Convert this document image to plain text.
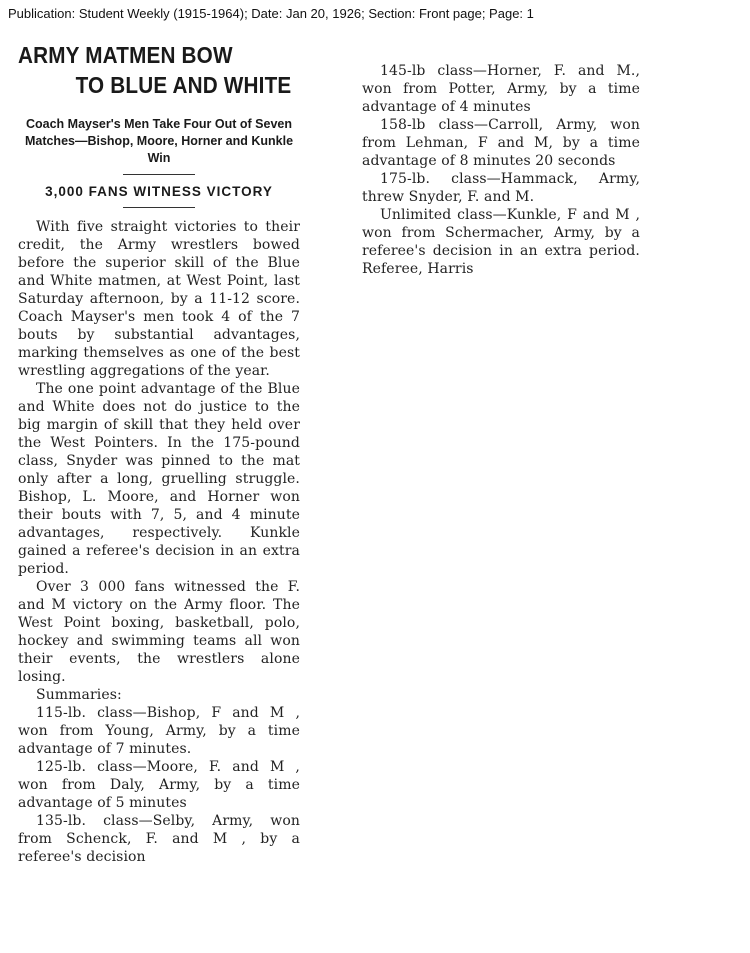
Publication: Student Weekly (1915-1964); Date: Jan 20, 1926; Section: Front page; Page: 1
ARMY MATMEN BOW
TO BLUE AND WHITE
Coach Mayser's Men Take Four Out of Seven Matches—Bishop, Moore, Horner and Kunkle Win
3,000 FANS WITNESS VICTORY

With five straight victories to their credit, the Army wrestlers bowed before the superior skill of the Blue and White matmen, at West Point, last Saturday afternoon, by a 11-12 score. Coach Mayser's men took 4 of the 7 bouts by substantial advantages, marking themselves as one of the best wrestling aggregations of the year.

The one point advantage of the Blue and White does not do justice to the big margin of skill that they held over the West Pointers. In the 175-pound class, Snyder was pinned to the mat only after a long, gruelling struggle. Bishop, L. Moore, and Horner won their bouts with 7, 5, and 4 minute advantages, respectively. Kunkle gained a referee's decision in an extra period.

Over 3 000 fans witnessed the F. and M victory on the Army floor. The West Point boxing, basketball, polo, hockey and swimming teams all won their events, the wrestlers alone losing.

Summaries:

115-lb. class—Bishop, F and M , won from Young, Army, by a time advantage of 7 minutes.

125-lb. class—Moore, F. and M , won from Daly, Army, by a time advantage of 5 minutes

135-lb. class—Selby, Army, won from Schenck, F. and M , by a referee's decision

145-lb class—Horner, F. and M., won from Potter, Army, by a time advantage of 4 minutes

158-lb class—Carroll, Army, won from Lehman, F and M, by a time advantage of 8 minutes 20 seconds

175-lb. class—Hammack, Army, threw Snyder, F. and M.

Unlimited class—Kunkle, F and M , won from Schermacher, Army, by a referee's decision in an extra period. Referee, Harris
